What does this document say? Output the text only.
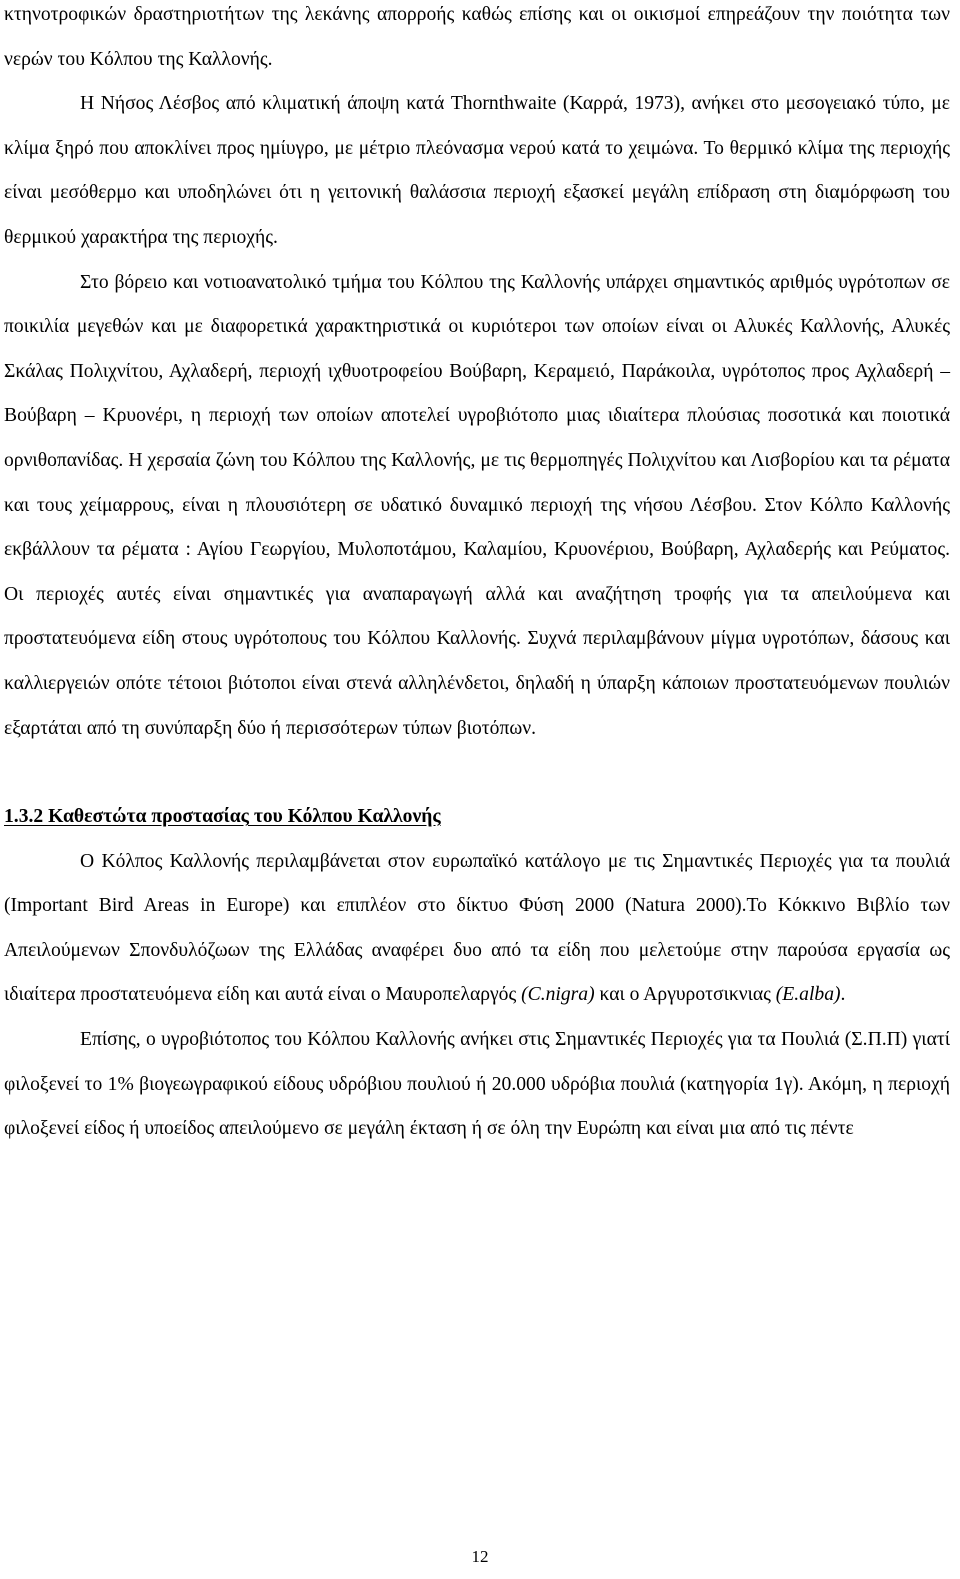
κτηνοτροφικών δραστηριοτήτων της λεκάνης απορροής καθώς επίσης και οι οικισμοί επηρεάζουν την ποιότητα των νερών του Κόλπου της Καλλονής.

Η Νήσος Λέσβος από κλιματική άποψη κατά Thornthwaite (Καρρά, 1973), ανήκει στο μεσογειακό τύπο, με κλίμα ξηρό που αποκλίνει προς ημίυγρο, με μέτριο πλεόνασμα νερού κατά το χειμώνα. Το θερμικό κλίμα της περιοχής είναι μεσόθερμο και υποδηλώνει ότι η γειτονική θαλάσσια περιοχή εξασκεί μεγάλη επίδραση στη διαμόρφωση του θερμικού χαρακτήρα της περιοχής.

Στο βόρειο και νοτιοανατολικό τμήμα του Κόλπου της Καλλονής υπάρχει σημαντικός αριθμός υγρότοπων σε ποικιλία μεγεθών και με διαφορετικά χαρακτηριστικά οι κυριότεροι των οποίων είναι οι Αλυκές Καλλονής, Αλυκές Σκάλας Πολιχνίτου, Αχλαδερή, περιοχή ιχθυοτροφείου Βούβαρη, Κεραμειό, Παράκοιλα, υγρότοπος προς Αχλαδερή – Βούβαρη – Κρυονέρι, η περιοχή των οποίων αποτελεί υγροβιότοπο μιας ιδιαίτερα πλούσιας ποσοτικά και ποιοτικά ορνιθοπανίδας. Η χερσαία ζώνη του Κόλπου της Καλλονής, με τις θερμοπηγές Πολιχνίτου και Λισβορίου και τα ρέματα και τους χείμαρρους, είναι η πλουσιότερη σε υδατικό δυναμικό περιοχή της νήσου Λέσβου. Στον Κόλπο Καλλονής εκβάλλουν τα ρέματα : Αγίου Γεωργίου, Μυλοποτάμου, Καλαμίου, Κρυονέριου, Βούβαρη, Αχλαδερής και Ρεύματος. Οι περιοχές αυτές είναι σημαντικές για αναπαραγωγή αλλά και αναζήτηση τροφής για τα απειλούμενα και προστατευόμενα είδη στους υγρότοπους του Κόλπου Καλλονής. Συχνά περιλαμβάνουν μίγμα υγροτόπων, δάσους και καλλιεργειών οπότε τέτοιοι βιότοποι είναι στενά αλληλένδετοι, δηλαδή η ύπαρξη κάποιων προστατευόμενων πουλιών εξαρτάται από τη συνύπαρξη δύο ή περισσότερων τύπων βιοτόπων.

1.3.2 Καθεστώτα προστασίας του Κόλπου Καλλονής

Ο Κόλπος Καλλονής περιλαμβάνεται στον ευρωπαϊκό κατάλογο με τις Σημαντικές Περιοχές για τα πουλιά (Important Bird Areas in Europe) και επιπλέον στο δίκτυο Φύση 2000 (Natura 2000).Το Κόκκινο Βιβλίο των Απειλούμενων Σπονδυλόζωων της Ελλάδας αναφέρει δυο από τα είδη που μελετούμε στην παρούσα εργασία ως ιδιαίτερα προστατευόμενα είδη και αυτά είναι ο Μαυροπελαργός (C.nigra) και ο Αργυροτσικνιας (E.alba).

Επίσης, ο υγροβιότοπος του Κόλπου Καλλονής ανήκει στις Σημαντικές Περιοχές για τα Πουλιά (Σ.Π.Π) γιατί φιλοξενεί το 1% βιογεωγραφικού είδους υδρόβιου πουλιού ή 20.000 υδρόβια πουλιά (κατηγορία 1γ). Ακόμη, η περιοχή φιλοξενεί είδος ή υποείδος απειλούμενο σε μεγάλη έκταση ή σε όλη την Ευρώπη και είναι μια από τις πέντε

12
